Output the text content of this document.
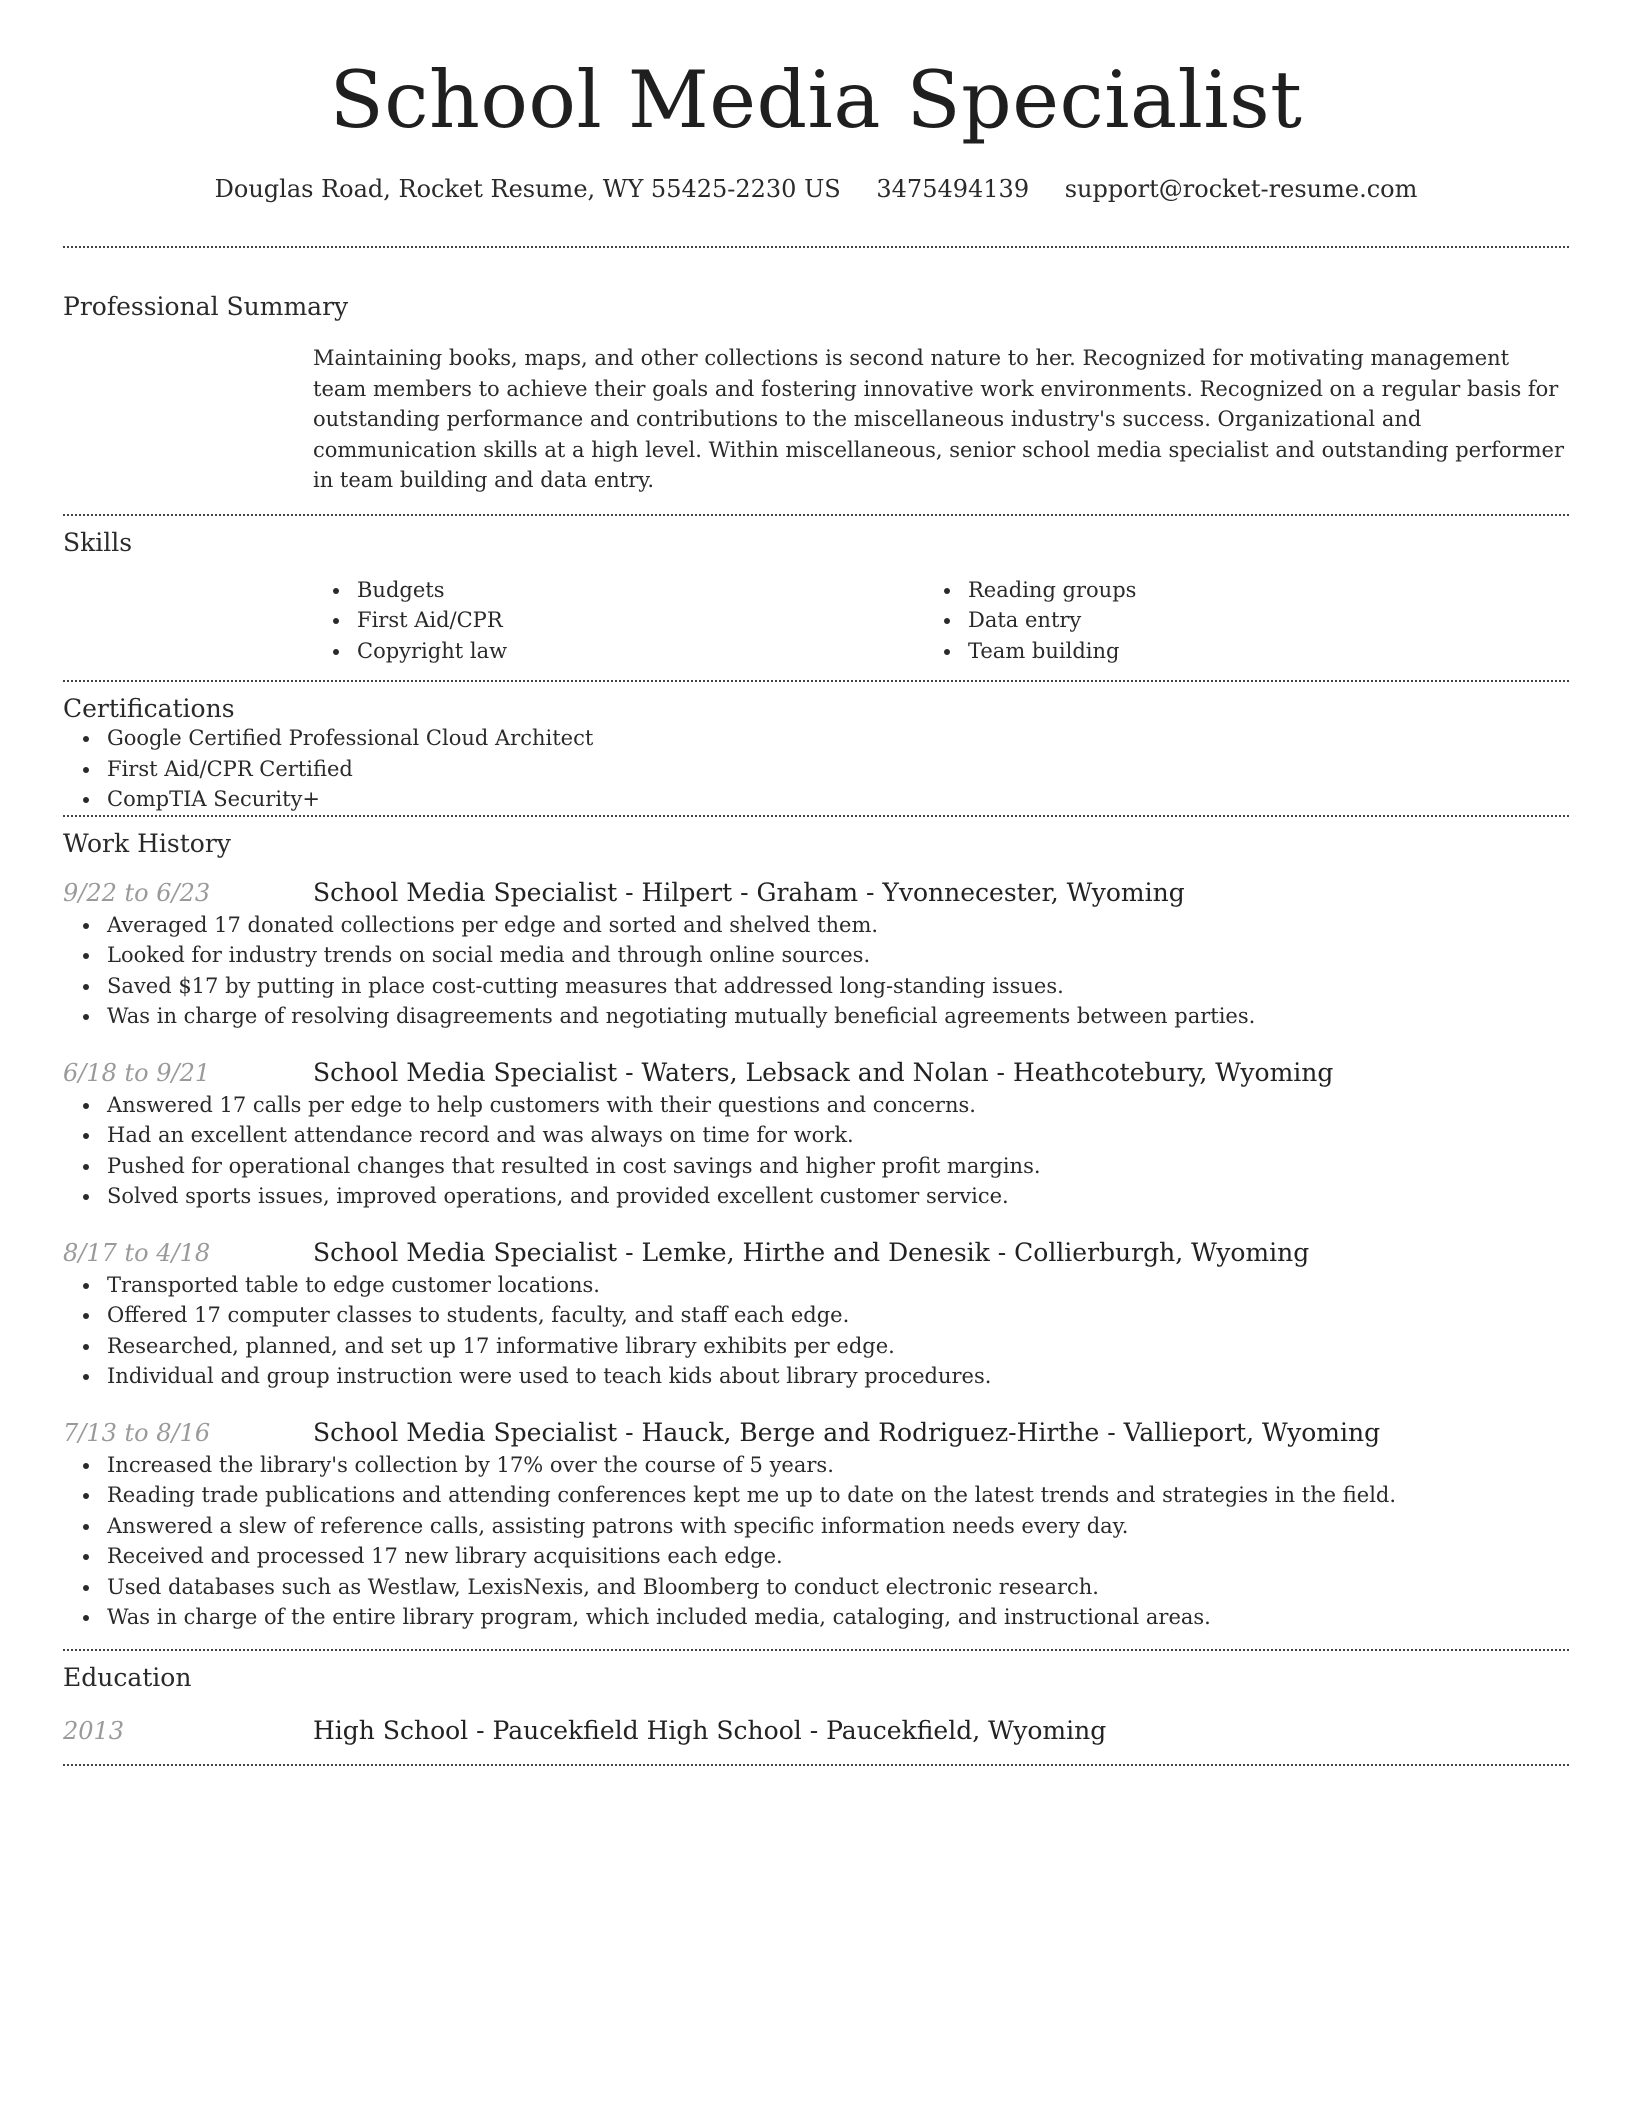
School Media Specialist
Douglas Road, Rocket Resume, WY 55425-2230 US 3475494139 support@rocket-resume.com
Professional Summary
Maintaining books, maps, and other collections is second nature to her. Recognized for motivating management team members to achieve their goals and fostering innovative work environments. Recognized on a regular basis for outstanding performance and contributions to the miscellaneous industry's success. Organizational and communication skills at a high level. Within miscellaneous, senior school media specialist and outstanding performer in team building and data entry.
Skills
Budgets
First Aid/CPR
Copyright law
Reading groups
Data entry
Team building
Certifications
Google Certified Professional Cloud Architect
First Aid/CPR Certified
CompTIA Security+
Work History
9/22 to 6/23	School Media Specialist - Hilpert - Graham - Yvonnecester, Wyoming
Averaged 17 donated collections per edge and sorted and shelved them.
Looked for industry trends on social media and through online sources.
Saved $17 by putting in place cost-cutting measures that addressed long-standing issues.
Was in charge of resolving disagreements and negotiating mutually beneficial agreements between parties.
6/18 to 9/21	School Media Specialist - Waters, Lebsack and Nolan - Heathcotebury, Wyoming
Answered 17 calls per edge to help customers with their questions and concerns.
Had an excellent attendance record and was always on time for work.
Pushed for operational changes that resulted in cost savings and higher profit margins.
Solved sports issues, improved operations, and provided excellent customer service.
8/17 to 4/18	School Media Specialist - Lemke, Hirthe and Denesik - Collierburgh, Wyoming
Transported table to edge customer locations.
Offered 17 computer classes to students, faculty, and staff each edge.
Researched, planned, and set up 17 informative library exhibits per edge.
Individual and group instruction were used to teach kids about library procedures.
7/13 to 8/16	School Media Specialist - Hauck, Berge and Rodriguez-Hirthe - Vallieport, Wyoming
Increased the library's collection by 17% over the course of 5 years.
Reading trade publications and attending conferences kept me up to date on the latest trends and strategies in the field.
Answered a slew of reference calls, assisting patrons with specific information needs every day.
Received and processed 17 new library acquisitions each edge.
Used databases such as Westlaw, LexisNexis, and Bloomberg to conduct electronic research.
Was in charge of the entire library program, which included media, cataloging, and instructional areas.
Education
2013	High School - Paucekfield High School - Paucekfield, Wyoming
